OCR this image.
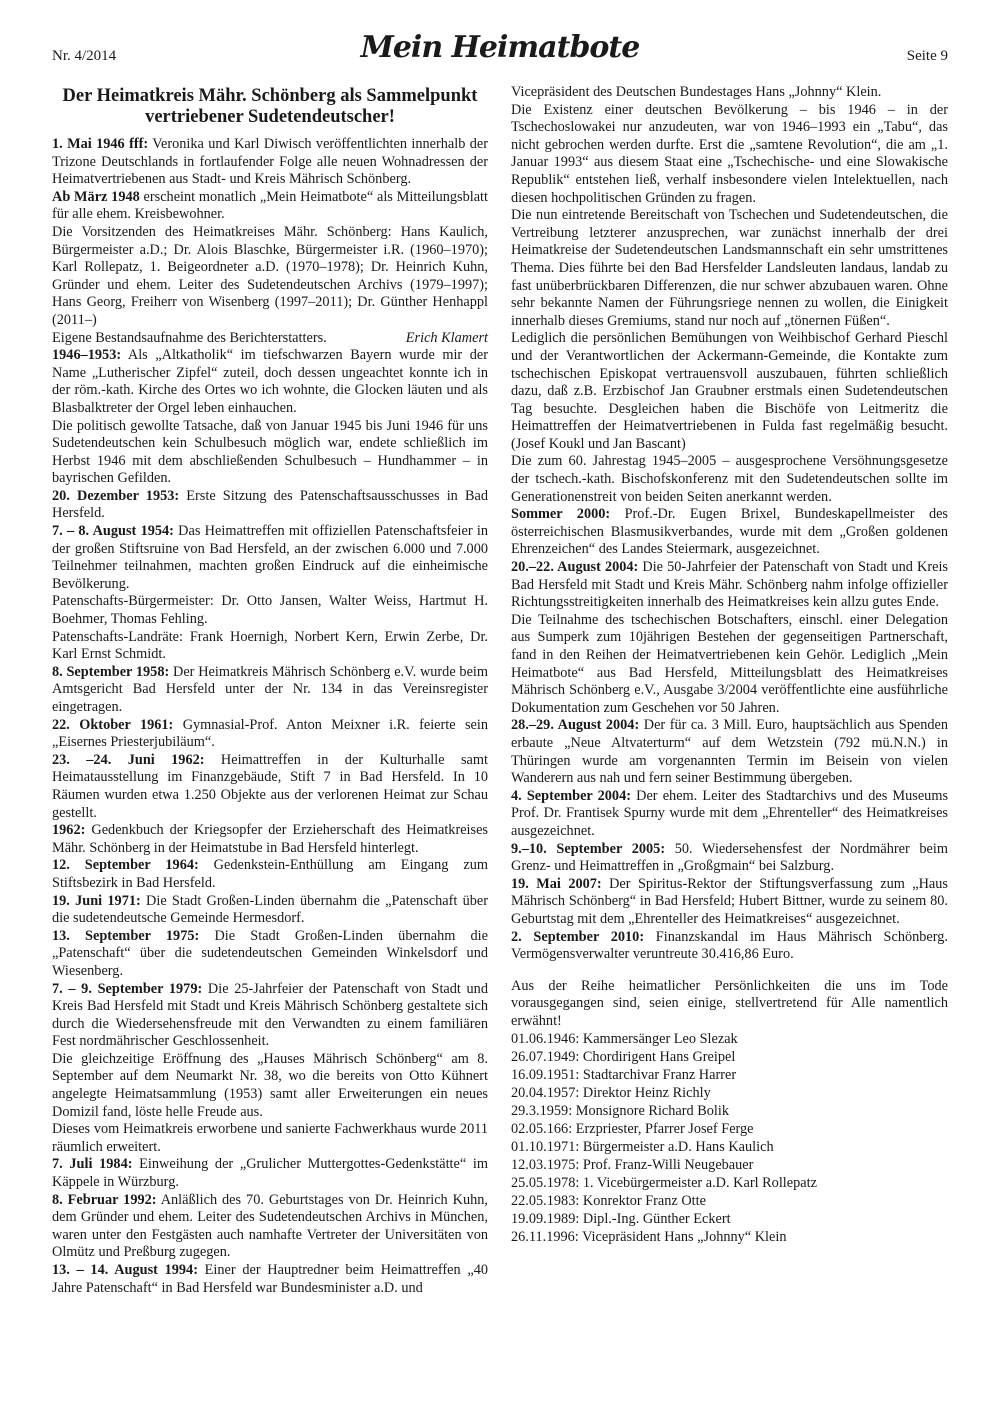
Nr. 4/2014	Mein Heimatbote	Seite 9
Der Heimatkreis Mähr. Schönberg als Sammelpunkt vertriebener Sudetendeutscher!

1. Mai 1946 fff: Veronika und Karl Diwisch veröffentlichten innerhalb der Trizone Deutschlands in fortlaufender Folge alle neuen Wohnadressen der Heimatvertriebenen aus Stadt- und Kreis Mährisch Schönberg.

Ab März 1948 erscheint monatlich „Mein Heimatbote“ als Mitteilungsblatt für alle ehem. Kreisbewohner.

Die Vorsitzenden des Heimatkreises Mähr. Schönberg: Hans Kaulich, Bürgermeister a.D.; Dr. Alois Blaschke, Bürgermeister i.R. (1960–1970); Karl Rollepatz, 1. Beigeordneter a.D. (1970–1978); Dr. Heinrich Kuhn, Gründer und ehem. Leiter des Sudetendeutschen Archivs (1979–1997); Hans Georg, Freiherr von Wisenberg (1997–2011); Dr. Günther Henhappl (2011–)

Eigene Bestandsaufnahme des Berichterstatters.	Erich Klamert

1946–1953: Als „Altkatholik“ im tiefschwarzen Bayern wurde mir der Name „Lutherischer Zipfel“ zuteil, doch dessen ungeachtet konnte ich in der röm.-kath. Kirche des Ortes wo ich wohnte, die Glocken läuten und als Blasbalktreter der Orgel leben einhauchen.

Die politisch gewollte Tatsache, daß von Januar 1945 bis Juni 1946 für uns Sudetendeutschen kein Schulbesuch möglich war, endete schließlich im Herbst 1946 mit dem abschließenden Schulbesuch – Hundhammer – in bayrischen Gefilden.

20. Dezember 1953: Erste Sitzung des Patenschaftsausschusses in Bad Hersfeld.

7. – 8. August 1954: Das Heimattreffen mit offiziellen Patenschaftsfeier in der großen Stiftsruine von Bad Hersfeld, an der zwischen 6.000 und 7.000 Teilnehmer teilnahmen, machten großen Eindruck auf die einheimische Bevölkerung.

Patenschafts-Bürgermeister: Dr. Otto Jansen, Walter Weiss, Hartmut H. Boehmer, Thomas Fehling.

Patenschafts-Landräte: Frank Hoernigh, Norbert Kern, Erwin Zerbe, Dr. Karl Ernst Schmidt.

8. September 1958: Der Heimatkreis Mährisch Schönberg e.V. wurde beim Amtsgericht Bad Hersfeld unter der Nr. 134 in das Vereinsregister eingetragen.

22. Oktober 1961: Gymnasial-Prof. Anton Meixner i.R. feierte sein „Eisernes Priesterjubiläum“.

23. –24. Juni 1962: Heimattreffen in der Kulturhalle samt Heimatausstellung im Finanzgebäude, Stift 7 in Bad Hersfeld. In 10 Räumen wurden etwa 1.250 Objekte aus der verlorenen Heimat zur Schau gestellt.

1962: Gedenkbuch der Kriegsopfer der Erzieherschaft des Heimatkreises Mähr. Schönberg in der Heimatstube in Bad Hersfeld hinterlegt.

12. September 1964: Gedenkstein-Enthüllung am Eingang zum Stiftsbezirk in Bad Hersfeld.

19. Juni 1971: Die Stadt Großen-Linden übernahm die „Patenschaft über die sudetendeutsche Gemeinde Hermesdorf.

13. September 1975: Die Stadt Großen-Linden übernahm die „Patenschaft“ über die sudetendeutschen Gemeinden Winkelsdorf und Wiesenberg.

7. – 9. September 1979: Die 25-Jahrfeier der Patenschaft von Stadt und Kreis Bad Hersfeld mit Stadt und Kreis Mährisch Schönberg gestaltete sich durch die Wiedersehensfreude mit den Verwandten zu einem familiären Fest nordmährischer Geschlossenheit.

Die gleichzeitige Eröffnung des „Hauses Mährisch Schönberg“ am 8. September auf dem Neumarkt Nr. 38, wo die bereits von Otto Kühnert angelegte Heimatsammlung (1953) samt aller Erweiterungen ein neues Domizil fand, löste helle Freude aus.

Dieses vom Heimatkreis erworbene und sanierte Fachwerkhaus wurde 2011 räumlich erweitert.

7. Juli 1984: Einweihung der „Grulicher Muttergottes-Gedenkstätte“ im Käppele in Würzburg.

8. Februar 1992: Anläßlich des 70. Geburtstages von Dr. Heinrich Kuhn, dem Gründer und ehem. Leiter des Sudetendeutschen Archivs in München, waren unter den Festgästen auch namhafte Vertreter der Universitäten von Olmütz und Preßburg zugegen.

13. – 14. August 1994: Einer der Hauptredner beim Heimattreffen „40 Jahre Patenschaft“ in Bad Hersfeld war Bundesminister a.D. und

Vicepräsident des Deutschen Bundestages Hans „Johnny“ Klein.

Die Existenz einer deutschen Bevölkerung – bis 1946 – in der Tschechoslowakei nur anzudeuten, war von 1946–1993 ein „Tabu“, das nicht gebrochen werden durfte. Erst die „samtene Revolution“, die am „1. Januar 1993“ aus diesem Staat eine „Tschechische- und eine Slowakische Republik“ entstehen ließ, verhalf insbesondere vielen Intelektuellen, nach diesen hochpolitischen Gründen zu fragen.

Die nun eintretende Bereitschaft von Tschechen und Sudetendeutschen, die Vertreibung letzterer anzusprechen, war zunächst innerhalb der drei Heimatkreise der Sudetendeutschen Landsmannschaft ein sehr umstrittenes Thema. Dies führte bei den Bad Hersfelder Landsleuten landaus, landab zu fast unüberbrückbaren Differenzen, die nur schwer abzubauen waren. Ohne sehr bekannte Namen der Führungsriege nennen zu wollen, die Einigkeit innerhalb dieses Gremiums, stand nur noch auf „tönernen Füßen“.

Lediglich die persönlichen Bemühungen von Weihbischof Gerhard Pieschl und der Verantwortlichen der Ackermann-Gemeinde, die Kontakte zum tschechischen Episkopat vertrauensvoll auszubauen, führten schließlich dazu, daß z.B. Erzbischof Jan Graubner erstmals einen Sudetendeutschen Tag besuchte. Desgleichen haben die Bischöfe von Leitmeritz die Heimattreffen der Heimatvertriebenen in Fulda fast regelmäßig besucht. (Josef Koukl und Jan Bascant)

Die zum 60. Jahrestag 1945–2005 – ausgesprochene Versöhnungsgesetze der tschech.-kath. Bischofskonferenz mit den Sudetendeutschen sollte im Generationenstreit von beiden Seiten anerkannt werden.

Sommer 2000: Prof.-Dr. Eugen Brixel, Bundeskapellmeister des österreichischen Blasmusikverbandes, wurde mit dem „Großen goldenen Ehrenzeichen“ des Landes Steiermark, ausgezeichnet.

20.–22. August 2004: Die 50-Jahrfeier der Patenschaft von Stadt und Kreis Bad Hersfeld mit Stadt und Kreis Mähr. Schönberg nahm infolge offizieller Richtungsstreitigkeiten innerhalb des Heimatkreises kein allzu gutes Ende.

Die Teilnahme des tschechischen Botschafters, einschl. einer Delegation aus Sumperk zum 10jährigen Bestehen der gegenseitigen Partnerschaft, fand in den Reihen der Heimatvertriebenen kein Gehör. Lediglich „Mein Heimatbote“ aus Bad Hersfeld, Mitteilungsblatt des Heimatkreises Mährisch Schönberg e.V., Ausgabe 3/2004 veröffentlichte eine ausführliche Dokumentation zum Geschehen vor 50 Jahren.

28.–29. August 2004: Der für ca. 3 Mill. Euro, hauptsächlich aus Spenden erbaute „Neue Altvaterturm“ auf dem Wetzstein (792 mü.N.N.) in Thüringen wurde am vorgenannten Termin im Beisein von vielen Wanderern aus nah und fern seiner Bestimmung übergeben.

4. September 2004: Der ehem. Leiter des Stadtarchivs und des Museums Prof. Dr. Frantisek Spurny wurde mit dem „Ehrenteller“ des Heimatkreises ausgezeichnet.

9.–10. September 2005: 50. Wiedersehensfest der Nordmährer beim Grenz- und Heimattreffen in „Großgmain“ bei Salzburg.

19. Mai 2007: Der Spiritus-Rektor der Stiftungsverfassung zum „Haus Mährisch Schönberg“ in Bad Hersfeld; Hubert Bittner, wurde zu seinem 80. Geburtstag mit dem „Ehrenteller des Heimatkreises“ ausgezeichnet.

2. September 2010: Finanzskandal im Haus Mährisch Schönberg. Vermögensverwalter veruntreute 30.416,86 Euro.

Aus der Reihe heimatlicher Persönlichkeiten die uns im Tode vorausgegangen sind, seien einige, stellvertretend für Alle namentlich erwähnt!

01.06.1946: Kammersänger Leo Slezak
26.07.1949: Chordirigent Hans Greipel
16.09.1951: Stadtarchivar Franz Harrer
20.04.1957: Direktor Heinz Richly
29.3.1959: Monsignore Richard Bolik
02.05.166: Erzpriester, Pfarrer Josef Ferge
01.10.1971: Bürgermeister a.D. Hans Kaulich
12.03.1975: Prof. Franz-Willi Neugebauer
25.05.1978: 1. Vicebürgermeister a.D. Karl Rollepatz
22.05.1983: Konrektor Franz Otte
19.09.1989: Dipl.-Ing. Günther Eckert
26.11.1996: Vicepräsident Hans „Johnny“ Klein
